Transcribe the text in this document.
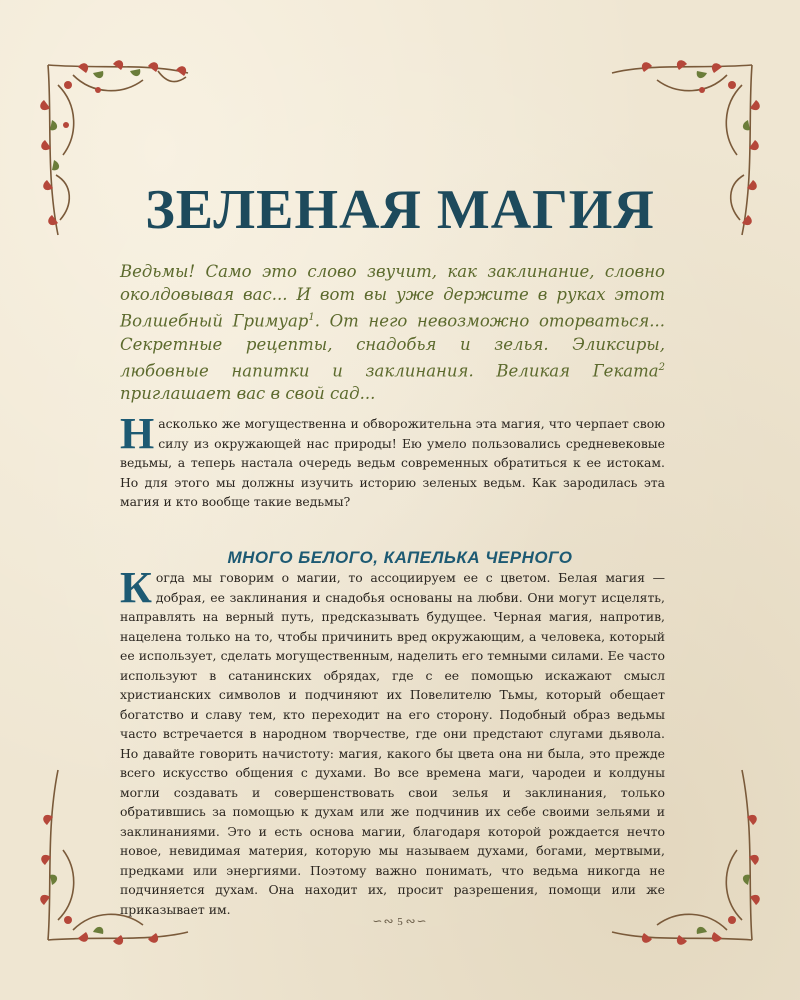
ЗЕЛЕНАЯ МАГИЯ
Ведьмы! Само это слово звучит, как заклинание, словно околдовывая вас... И вот вы уже держите в руках этот Волшебный Гримуар$^1$. От него невозможно оторваться... Секретные рецепты, снадобья и зелья. Эликсиры, любовные напитки и заклинания. Великая Геката$^2$ приглашает вас в свой сад...
Насколько же могущественна и обворожительна эта магия, что черпает свою силу из окружающей нас природы! Ею умело пользовались средневековые ведьмы, а теперь настала очередь ведьм современных обратиться к ее истокам. Но для этого мы должны изучить историю зеленых ведьм. Как зародилась эта магия и кто вообще такие ведьмы?
МНОГО БЕЛОГО, КАПЕЛЬКА ЧЕРНОГО
Когда мы говорим о магии, то ассоциируем ее с цветом. Белая магия — добрая, ее заклинания и снадобья основаны на любви. Они могут исцелять, направлять на верный путь, предсказывать будущее. Черная магия, напротив, нацелена только на то, чтобы причинить вред окружающим, а человека, который ее использует, сделать могущественным, наделить его темными силами. Ее часто используют в сатанинских обрядах, где с ее помощью искажают смысл христианских символов и подчиняют их Повелителю Тьмы, который обещает богатство и славу тем, кто переходит на его сторону. Подобный образ ведьмы часто встречается в народном творчестве, где они предстают слугами дьявола. Но давайте говорить начистоту: магия, какого бы цвета она ни была, это прежде всего искусство общения с духами. Во все времена маги, чародеи и колдуны могли создавать и совершенствовать свои зелья и заклинания, только обратившись за помощью к духам или же подчинив их себе своими зельями и заклинаниями. Это и есть основа магии, благодаря которой рождается нечто новое, невидимая материя, которую мы называем духами, богами, мертвыми, предками или энергиями. Поэтому важно понимать, что ведьма никогда не подчиняется духам. Она находит их, просит разрешения, помощи или же приказывает им.
∽∾ 5 ∾∽
